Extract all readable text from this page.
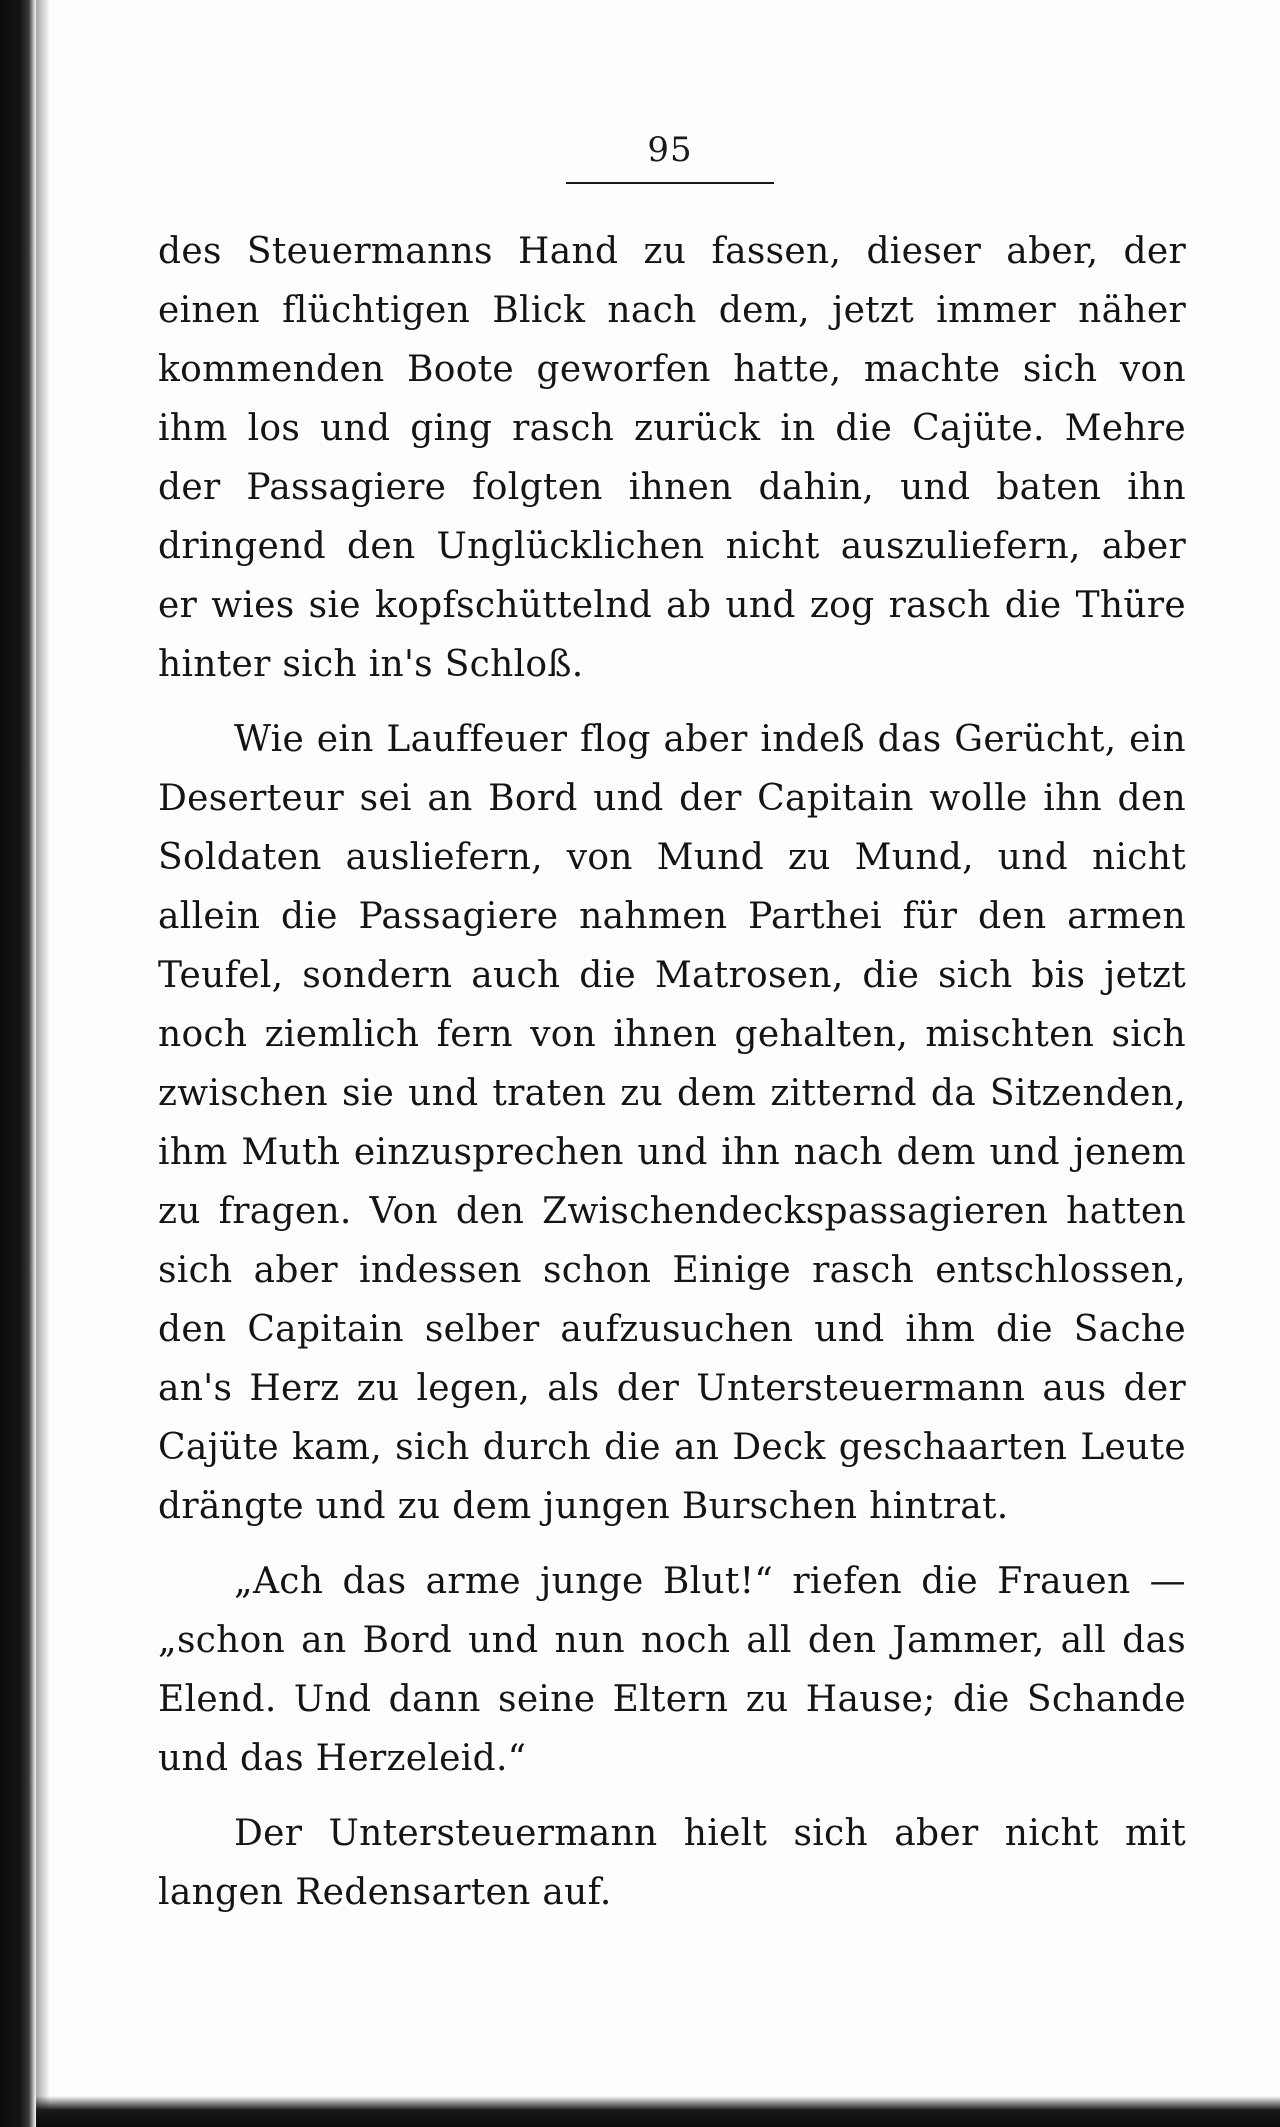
95

des Steuermanns Hand zu fassen, dieser aber, der einen flüchtigen Blick nach dem, jetzt immer näher kommenden Boote geworfen hatte, machte sich von ihm los und ging rasch zurück in die Cajüte. Mehre der Passagiere folgten ihnen dahin, und baten ihn dringend den Unglücklichen nicht auszuliefern, aber er wies sie kopfschüttelnd ab und zog rasch die Thüre hinter sich in's Schloß.

Wie ein Lauffeuer flog aber indeß das Gerücht, ein Deserteur sei an Bord und der Capitain wolle ihn den Soldaten ausliefern, von Mund zu Mund, und nicht allein die Passagiere nahmen Parthei für den armen Teufel, sondern auch die Matrosen, die sich bis jetzt noch ziemlich fern von ihnen gehalten, mischten sich zwischen sie und traten zu dem zitternd da Sitzenden, ihm Muth einzusprechen und ihn nach dem und jenem zu fragen. Von den Zwischendeckspassagieren hatten sich aber indessen schon Einige rasch entschlossen, den Capitain selber aufzusuchen und ihm die Sache an's Herz zu legen, als der Untersteuermann aus der Cajüte kam, sich durch die an Deck geschaarten Leute drängte und zu dem jungen Burschen hintrat.

„Ach das arme junge Blut!“ riefen die Frauen — „schon an Bord und nun noch all den Jammer, all das Elend. Und dann seine Eltern zu Hause; die Schande und das Herzeleid.“

Der Untersteuermann hielt sich aber nicht mit langen Redensarten auf.
